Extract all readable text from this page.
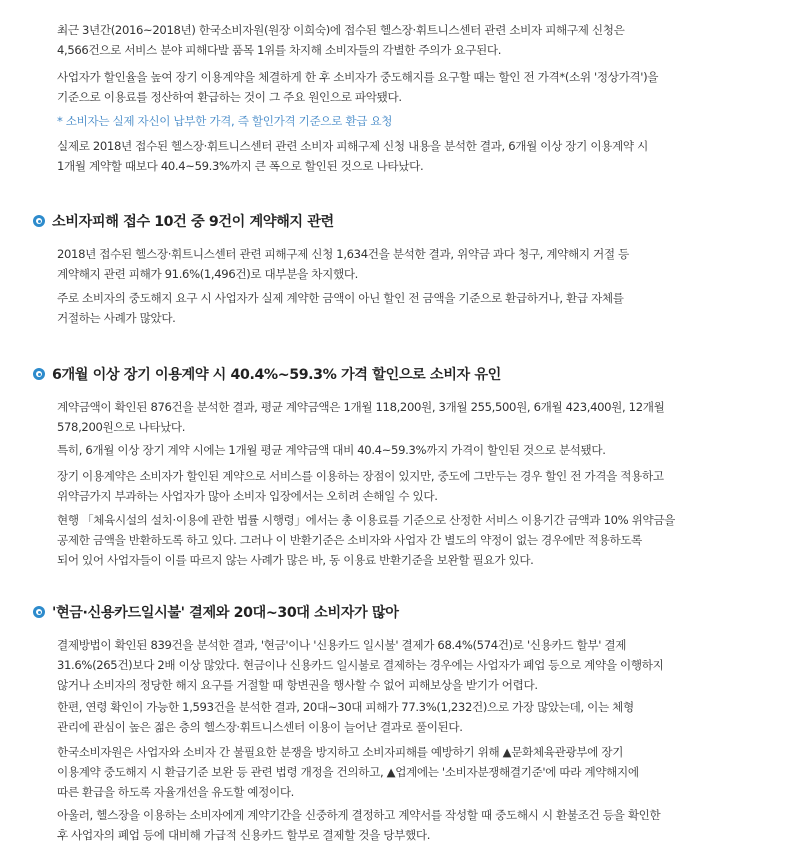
최근 3년간(2016~2018년) 한국소비자원(원장 이희숙)에 접수된 헬스장·휘트니스센터 관련 소비자 피해구제 신청은
4,566건으로 서비스 분야 피해다발 품목 1위를 차지해 소비자들의 각별한 주의가 요구된다.
사업자가 할인율을 높여 장기 이용계약을 체결하게 한 후 소비자가 중도해지를 요구할 때는 할인 전 가격*(소위 '정상가격')을
기준으로 이용료를 정산하여 환급하는 것이 그 주요 원인으로 파악됐다.
* 소비자는 실제 자신이 납부한 가격, 즉 할인가격 기준으로 환급 요청
실제로 2018년 접수된 헬스장·휘트니스센터 관련 소비자 피해구제 신청 내용을 분석한 결과, 6개월 이상 장기 이용계약 시
1개월 계약할 때보다 40.4~59.3%까지 큰 폭으로 할인된 것으로 나타났다.
소비자피해 접수 10건 중 9건이 계약해지 관련
2018년 접수된 헬스장·휘트니스센터 관련 피해구제 신청 1,634건을 분석한 결과, 위약금 과다 청구, 계약해지 거절 등
계약해지 관련 피해가 91.6%(1,496건)로 대부분을 차지했다.
주로 소비자의 중도해지 요구 시 사업자가 실제 계약한 금액이 아닌 할인 전 금액을 기준으로 환급하거나, 환급 자체를
거절하는 사례가 많았다.
6개월 이상 장기 이용계약 시 40.4%~59.3% 가격 할인으로 소비자 유인
계약금액이 확인된 876건을 분석한 결과, 평균 계약금액은 1개월 118,200원, 3개월 255,500원, 6개월 423,400원, 12개월
578,200원으로 나타났다.
특히, 6개월 이상 장기 계약 시에는 1개월 평균 계약금액 대비 40.4~59.3%까지 가격이 할인된 것으로 분석됐다.
장기 이용계약은 소비자가 할인된 계약으로 서비스를 이용하는 장점이 있지만, 중도에 그만두는 경우 할인 전 가격을 적용하고
위약금가지 부과하는 사업자가 많아 소비자 입장에서는 오히려 손해일 수 있다.
현행 「체육시설의 설치·이용에 관한 법률 시행령」에서는 총 이용료를 기준으로 산정한 서비스 이용기간 금액과 10% 위약금을
공제한 금액을 반환하도록 하고 있다. 그러나 이 반환기준은 소비자와 사업자 간 별도의 약정이 없는 경우에만 적용하도록
되어 있어 사업자들이 이를 따르지 않는 사례가 많은 바, 동 이용료 반환기준을 보완할 필요가 있다.
'현금·신용카드일시불' 결제와 20대~30대 소비자가 많아
결제방법이 확인된 839건을 분석한 결과, '현금'이나 '신용카드 일시불' 결제가 68.4%(574건)로 '신용카드 할부' 결제
31.6%(265건)보다 2배 이상 많았다. 현금이나 신용카드 일시불로 결제하는 경우에는 사업자가 폐업 등으로 계약을 이행하지
않거나 소비자의 정당한 해지 요구를 거절할 때 항변권을 행사할 수 없어 피해보상을 받기가 어렵다.
한편, 연령 확인이 가능한 1,593건을 분석한 결과, 20대~30대 피해가 77.3%(1,232건)으로 가장 많았는데, 이는 체형
관리에 관심이 높은 젊은 층의 헬스장·휘트니스센터 이용이 늘어난 결과로 풀이된다.
한국소비자원은 사업자와 소비자 간 불필요한 분쟁을 방지하고 소비자피해를 예방하기 위해 ▲문화체육관광부에 장기
이용계약 중도해지 시 환급기준 보완 등 관련 법령 개정을 건의하고, ▲업계에는 '소비자분쟁해결기준'에 따라 계약해지에
따른 환급을 하도록 자율개선을 유도할 예정이다.
아울러, 헬스장을 이용하는 소비자에게 계약기간을 신중하게 결정하고 계약서를 작성할 때 중도해시 시 환불조건 등을 확인한
후 사업자의 폐업 등에 대비해 가급적 신용카드 할부로 결제할 것을 당부했다.
